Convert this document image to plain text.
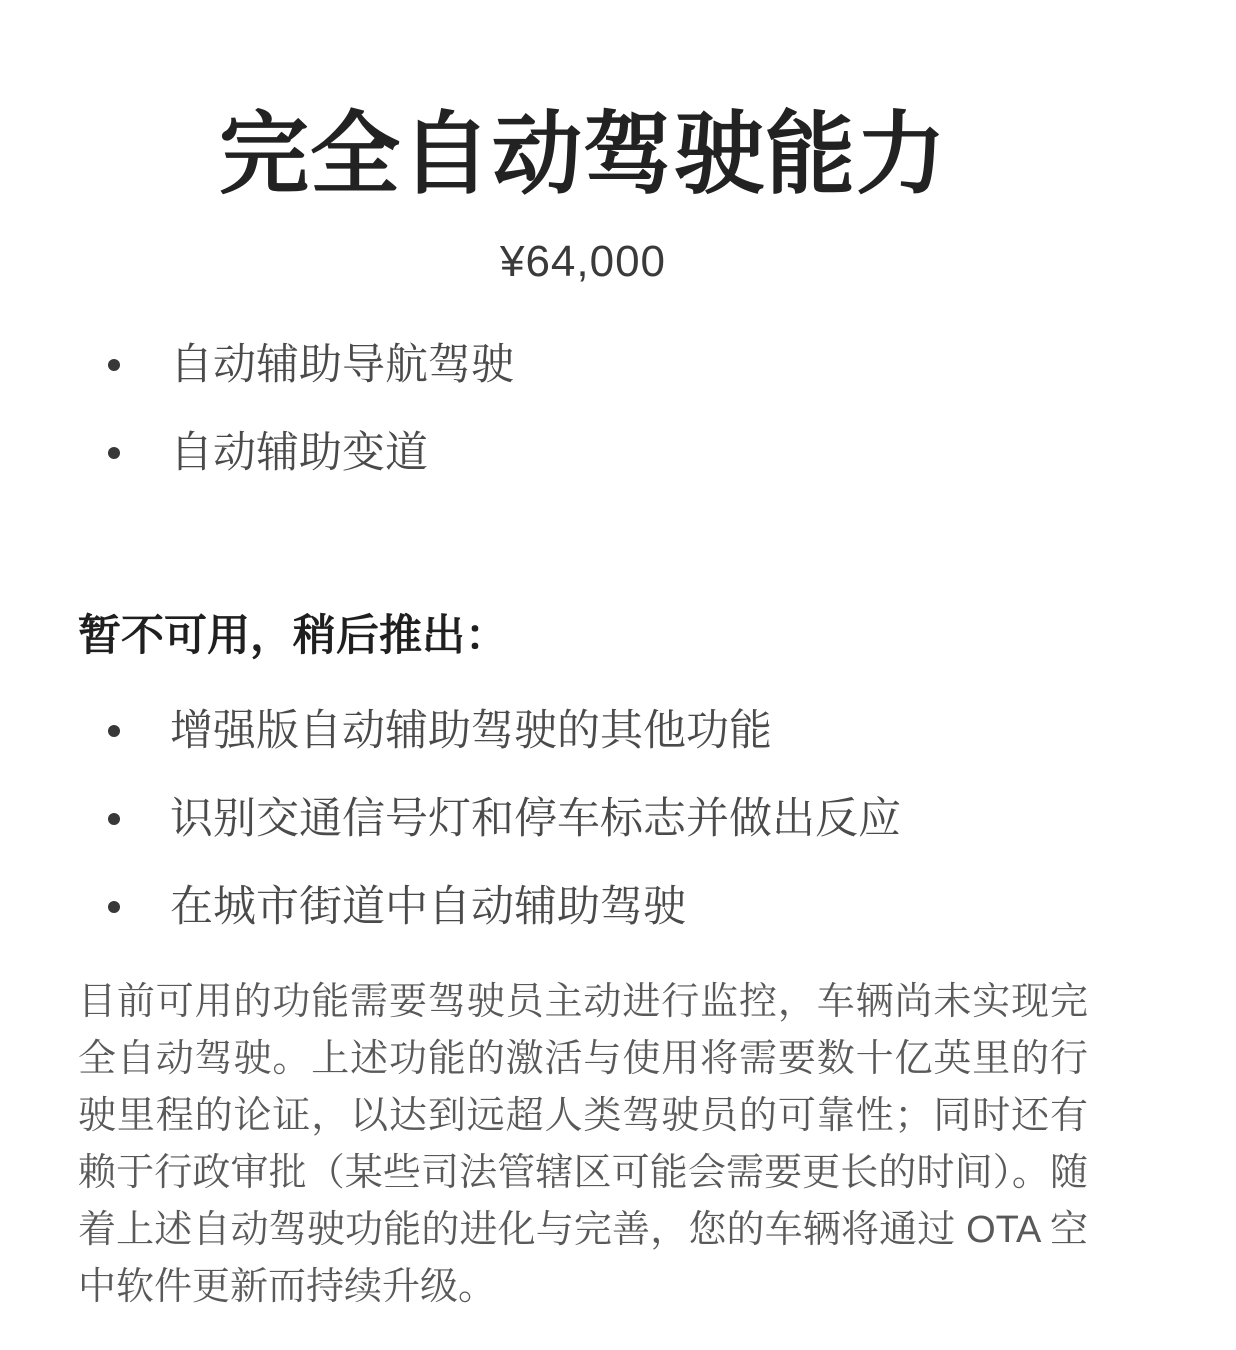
完全自动驾驶能力
¥64,000
自动辅助导航驾驶
自动辅助变道
暂不可用，稍后推出：
增强版自动辅助驾驶的其他功能
识别交通信号灯和停车标志并做出反应
在城市街道中自动辅助驾驶

目前可用的功能需要驾驶员主动进行监控，车辆尚未实现完全自动驾驶。上述功能的激活与使用将需要数十亿英里的行驶里程的论证，以达到远超人类驾驶员的可靠性；同时还有赖于行政审批（某些司法管辖区可能会需要更长的时间）。随着上述自动驾驶功能的进化与完善，您的车辆将通过 OTA 空中软件更新而持续升级。
